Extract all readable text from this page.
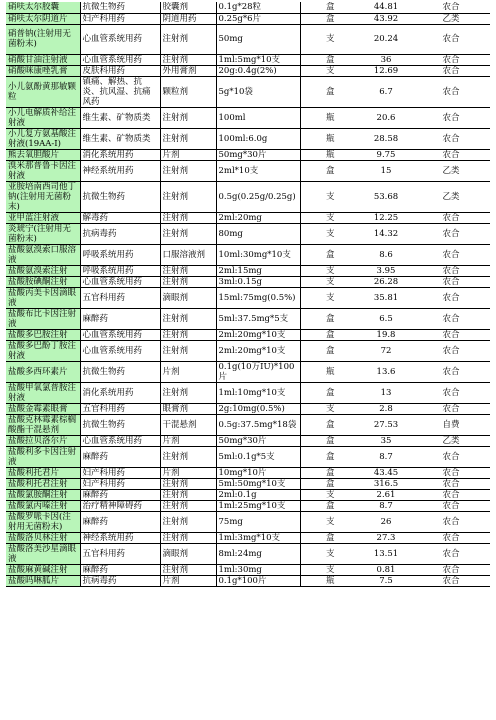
硝呋太尔胶囊	抗微生物药	胶囊剂	0.1g*28粒	盒	44.81	农合
硝呋太尔阴道片	妇产科用药	阴道用药	0.25g*6片	盒	43.92	乙类
硝普钠(注射用无菌粉末)	心血管系统用药	注射剂	50mg	支	20.24	农合
硝酸甘油注射液	心血管系统用药	注射剂	1ml:5mg*10支	盒	36	农合
硝酸咪康唑乳膏	皮肤科用药	外用膏剂	20g:0.4g(2%)	支	12.69	农合
小儿氨酚黄那敏颗粒	镇痛、解热、抗炎、抗风湿、抗痛风药	颗粒剂	5g*10袋	盒	6.7	农合
小儿电解质补给注射液	维生素、矿物质类	注射剂	100ml	瓶	20.6	农合
小儿复方氨基酸注射液(19AA-Ⅰ)	维生素、矿物质类	注射剂	100ml:6.0g	瓶	28.58	农合
熊去氧胆酸片	消化系统用药	片剂	50mg*30片	瓶	9.75	农合
溴米那普鲁卡因注射液	神经系统用药	注射剂	2ml*10支	盒	15	乙类
亚胺培南西司他丁钠(注射用无菌粉末)	抗微生物药	注射剂	0.5g(0.25g/0.25g)	支	53.68	乙类
亚甲蓝注射液	解毒药	注射剂	2ml:20mg	支	12.25	农合
炎琥宁(注射用无菌粉末)	抗病毒药	注射剂	80mg	支	14.32	农合
盐酸氨溴索口服溶液	呼吸系统用药	口服溶液剂	10ml:30mg*10支	盒	8.6	农合
盐酸氨溴索注射	呼吸系统用药	注射剂	2ml:15mg	支	3.95	农合
盐酸胺碘酮注射	心血管系统用药	注射剂	3ml:0.15g	支	26.28	农合
盐酸丙美卡因滴眼液	五官科用药	滴眼剂	15ml:75mg(0.5%)	支	35.81	农合
盐酸布比卡因注射液	麻醉药	注射剂	5ml:37.5mg*5支	盒	6.5	农合
盐酸多巴胺注射	心血管系统用药	注射剂	2ml:20mg*10支	盒	19.8	农合
盐酸多巴酚丁胺注射液	心血管系统用药	注射剂	2ml:20mg*10支	盒	72	农合
盐酸多西环素片	抗微生物药	片剂	0.1g(10万IU)*100片	瓶	13.6	农合
盐酸甲氧氯普胺注射液	消化系统用药	注射剂	1ml:10mg*10支	盒	13	农合
盐酸金霉素眼膏	五官科用药	眼膏剂	2g:10mg(0.5%)	支	2.8	农合
盐酸克林霉素棕榈酸酯干混悬剂	抗微生物药	干混悬剂	0.5g:37.5mg*18袋	盒	27.53	自费
盐酸拉贝洛尔片	心血管系统用药	片剂	50mg*30片	盒	35	乙类
盐酸利多卡因注射液	麻醉药	注射剂	5ml:0.1g*5支	盒	8.7	农合
盐酸利托君片	妇产科用药	片剂	10mg*10片	盒	43.45	农合
盐酸利托君注射	妇产科用药	注射剂	5ml:50mg*10支	盒	316.5	农合
盐酸氯胺酮注射	麻醉药	注射剂	2ml:0.1g	支	2.61	农合
盐酸氯丙嗪注射	治疗精神障碍药	注射剂	1ml:25mg*10支	盒	8.7	农合
盐酸罗哌卡因(注射用无菌粉末)	麻醉药	注射剂	75mg	支	26	农合
盐酸洛贝林注射	神经系统用药	注射剂	1ml:3mg*10支	盒	27.3	农合
盐酸洛美沙星滴眼液	五官科用药	滴眼剂	8ml:24mg	支	13.51	农合
盐酸麻黄碱注射	麻醉药	注射剂	1ml:30mg	支	0.81	农合
盐酸吗啉胍片	抗病毒药	片剂	0.1g*100片	瓶	7.5	农合
